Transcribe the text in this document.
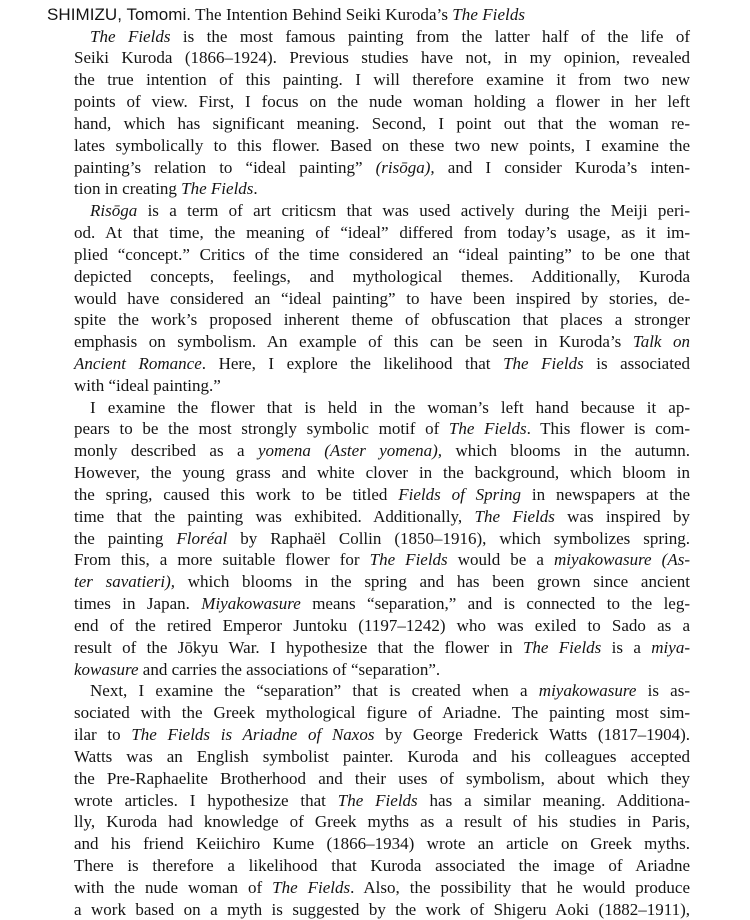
SHIMIZU, Tomomi. The Intention Behind Seiki Kuroda’s The Fields
The Fields is the most famous painting from the latter half of the life of
Seiki Kuroda (1866–1924). Previous studies have not, in my opinion, revealed
the true intention of this painting. I will therefore examine it from two new
points of view. First, I focus on the nude woman holding a flower in her left
hand, which has significant meaning. Second, I point out that the woman re-
lates symbolically to this flower. Based on these two new points, I examine the
painting’s relation to “ideal painting” (risōga), and I consider Kuroda’s inten-
tion in creating The Fields.
Risōga is a term of art criticsm that was used actively during the Meiji peri-
od. At that time, the meaning of “ideal” differed from today’s usage, as it im-
plied “concept.” Critics of the time considered an “ideal painting” to be one that
depicted concepts, feelings, and mythological themes. Additionally, Kuroda
would have considered an “ideal painting” to have been inspired by stories, de-
spite the work’s proposed inherent theme of obfuscation that places a stronger
emphasis on symbolism. An example of this can be seen in Kuroda’s Talk on
Ancient Romance. Here, I explore the likelihood that The Fields is associated
with “ideal painting.”
I examine the flower that is held in the woman’s left hand because it ap-
pears to be the most strongly symbolic motif of The Fields. This flower is com-
monly described as a yomena (Aster yomena), which blooms in the autumn.
However, the young grass and white clover in the background, which bloom in
the spring, caused this work to be titled Fields of Spring in newspapers at the
time that the painting was exhibited. Additionally, The Fields was inspired by
the painting Floréal by Raphaël Collin (1850–1916), which symbolizes spring.
From this, a more suitable flower for The Fields would be a miyakowasure (As-
ter savatieri), which blooms in the spring and has been grown since ancient
times in Japan. Miyakowasure means “separation,” and is connected to the leg-
end of the retired Emperor Juntoku (1197–1242) who was exiled to Sado as a
result of the Jōkyu War. I hypothesize that the flower in The Fields is a miya-
kowasure and carries the associations of “separation”.
Next, I examine the “separation” that is created when a miyakowasure is as-
sociated with the Greek mythological figure of Ariadne. The painting most sim-
ilar to The Fields is Ariadne of Naxos by George Frederick Watts (1817–1904).
Watts was an English symbolist painter. Kuroda and his colleagues accepted
the Pre-Raphaelite Brotherhood and their uses of symbolism, about which they
wrote articles. I hypothesize that The Fields has a similar meaning. Additiona-
lly, Kuroda had knowledge of Greek myths as a result of his studies in Paris,
and his friend Keiichiro Kume (1866–1934) wrote an article on Greek myths.
There is therefore a likelihood that Kuroda associated the image of Ariadne
with the nude woman of The Fields. Also, the possibility that he would produce
a work based on a myth is suggested by the work of Shigeru Aoki (1882–1911),
